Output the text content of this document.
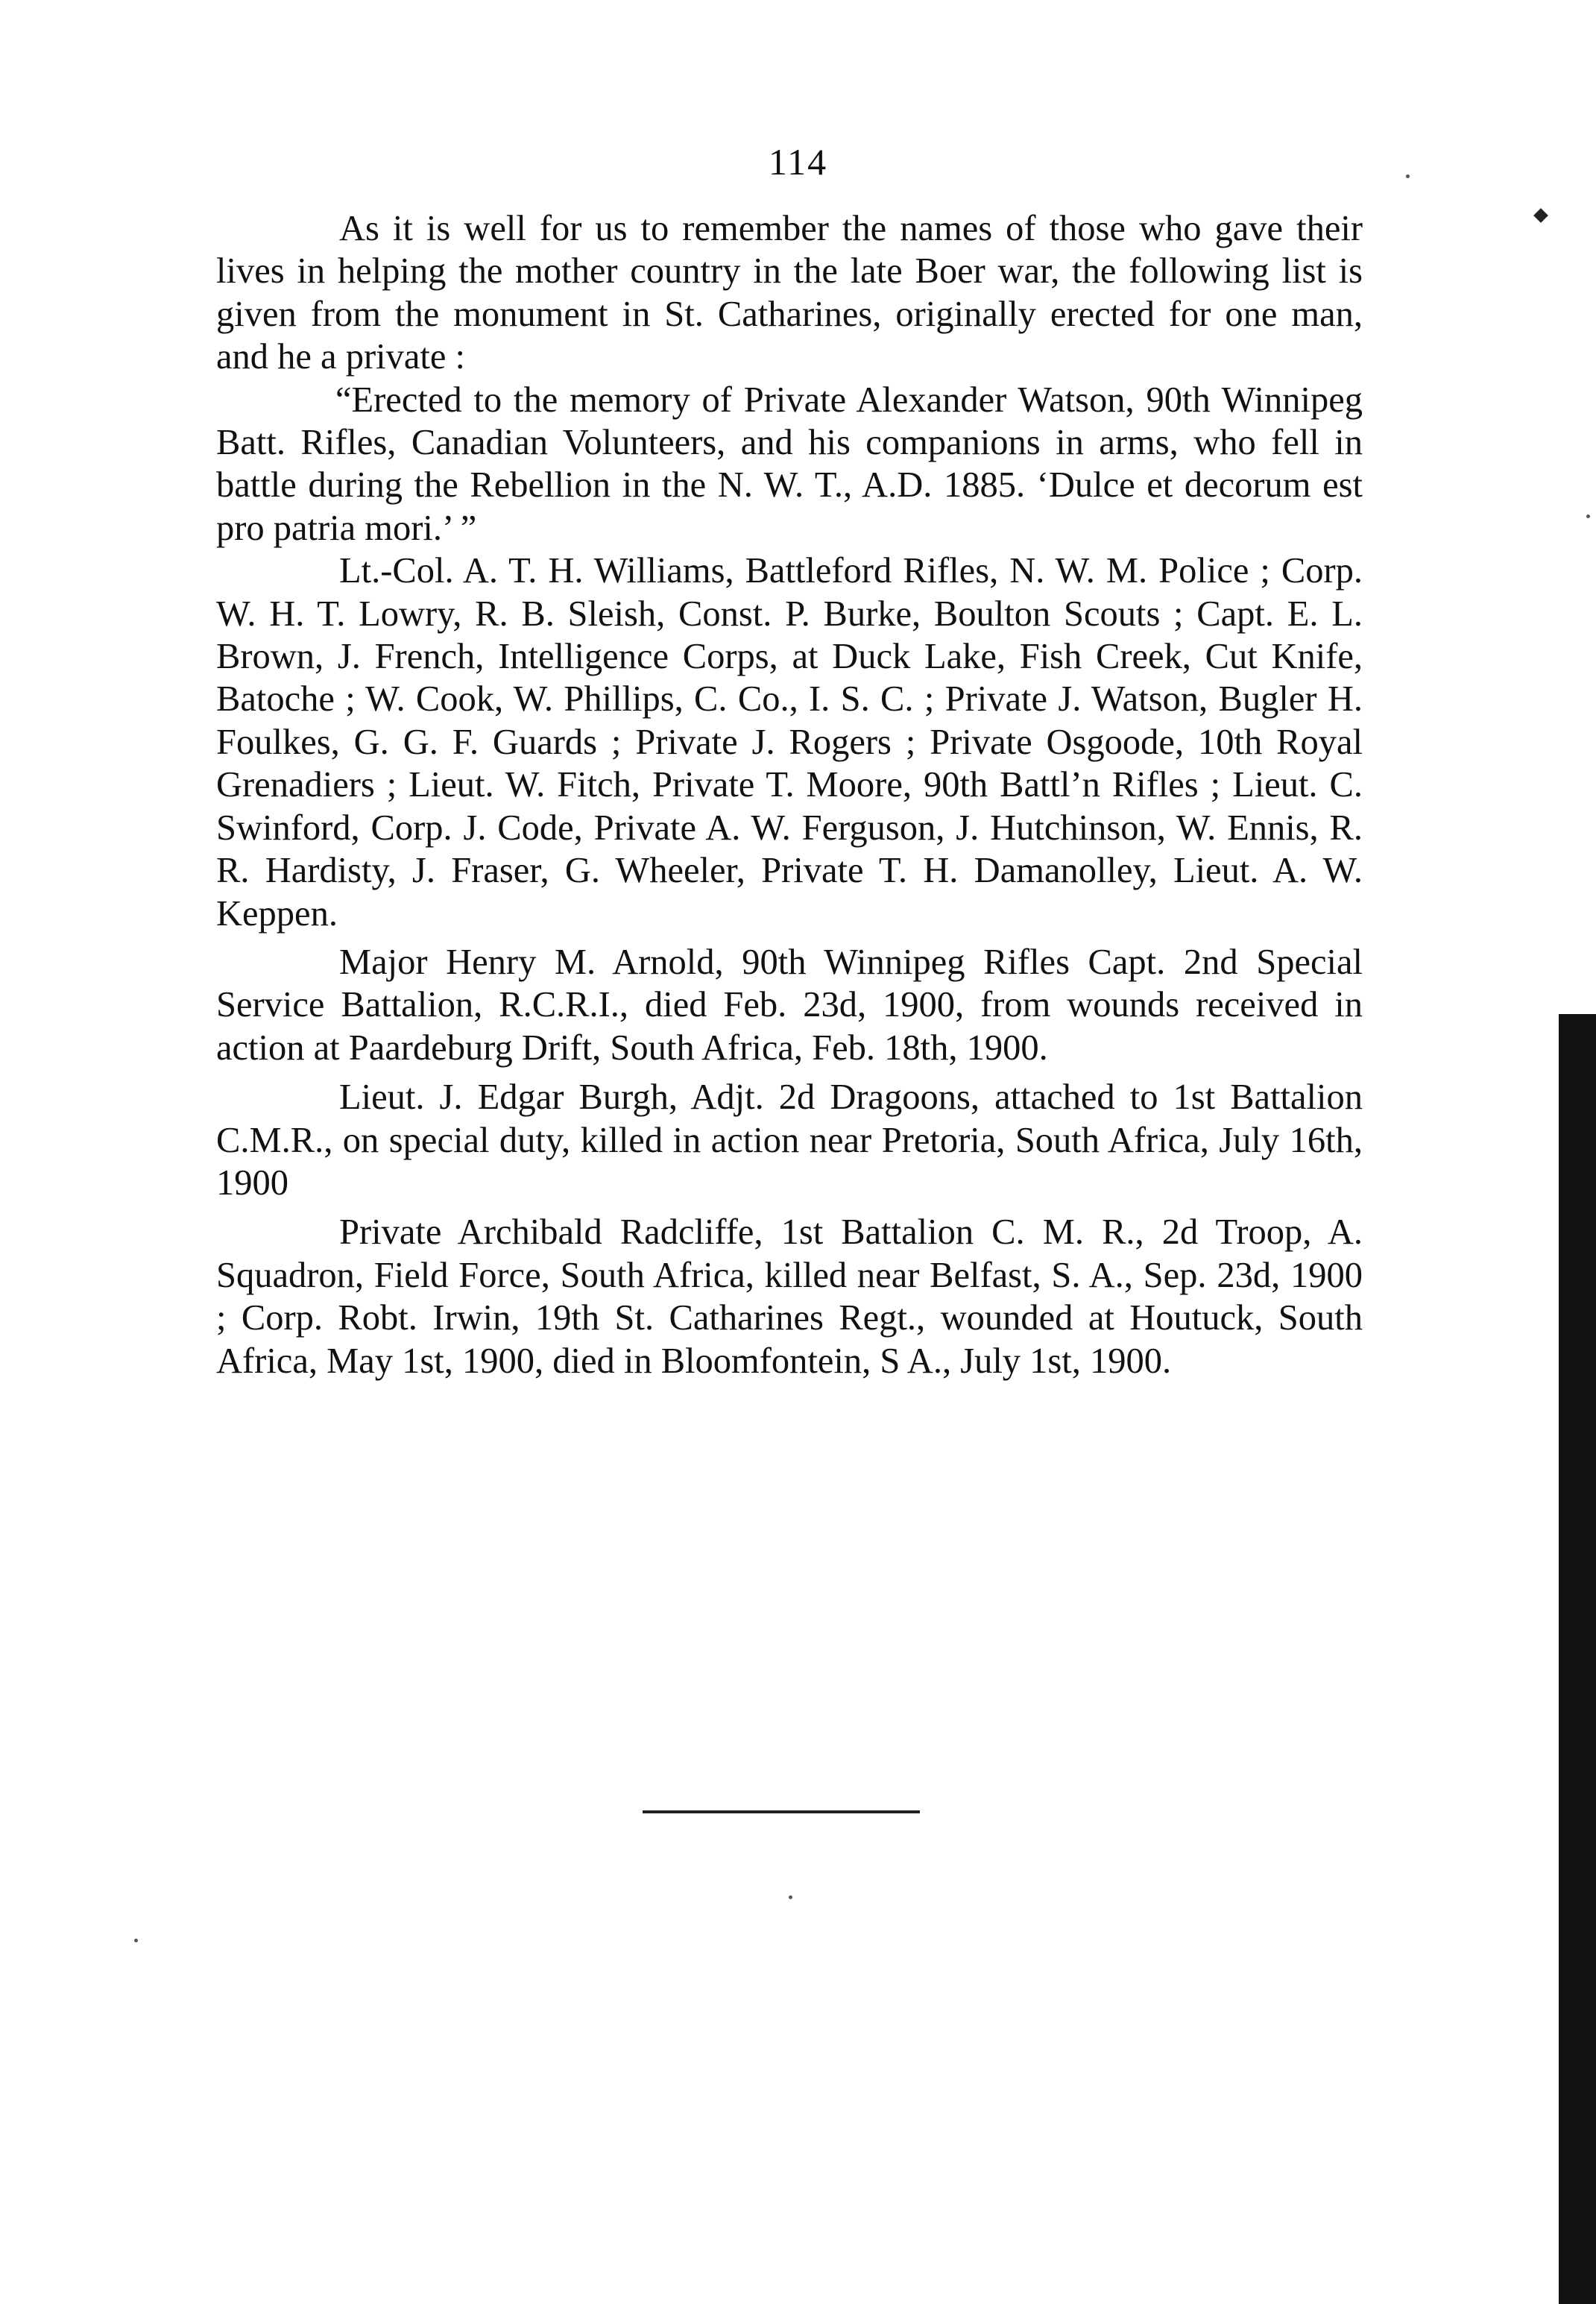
114

As it is well for us to remember the names of those who gave their lives in helping the mother country in the late Boer war, the following list is given from the monument in St. Catharines, originally erected for one man, and he a private :

“Erected to the memory of Private Alexander Watson, 90th Winnipeg Batt. Rifles, Canadian Volunteers, and his companions in arms, who fell in battle during the Rebellion in the N. W. T., A.D. 1885. ‘Dulce et decorum est pro patria mori.’ ”

Lt.-Col. A. T. H. Williams, Battleford Rifles, N. W. M. Police ; Corp. W. H. T. Lowry, R. B. Sleish, Const. P. Burke, Boulton Scouts ; Capt. E. L. Brown, J. French, Intelligence Corps, at Duck Lake, Fish Creek, Cut Knife, Batoche ; W. Cook, W. Phillips, C. Co., I. S. C. ; Private J. Watson, Bugler H. Foulkes, G. G. F. Guards ; Private J. Rogers ; Private Osgoode, 10th Royal Grenadiers ; Lieut. W. Fitch, Private T. Moore, 90th Battl’n Rifles ; Lieut. C. Swinford, Corp. J. Code, Private A. W. Ferguson, J. Hutchinson, W. Ennis, R. R. Hardisty, J. Fraser, G. Wheeler, Private T. H. Damanolley, Lieut. A. W. Keppen.

Major Henry M. Arnold, 90th Winnipeg Rifles Capt. 2nd Special Service Battalion, R.C.R.I., died Feb. 23d, 1900, from wounds received in action at Paardeburg Drift, South Africa, Feb. 18th, 1900.

Lieut. J. Edgar Burgh, Adjt. 2d Dragoons, attached to 1st Battalion C.M.R., on special duty, killed in action near Pretoria, South Africa, July 16th, 1900

Private Archibald Radcliffe, 1st Battalion C. M. R., 2d Troop, A. Squadron, Field Force, South Africa, killed near Belfast, S. A., Sep. 23d, 1900 ; Corp. Robt. Irwin, 19th St. Catharines Regt., wounded at Houtuck, South Africa, May 1st, 1900, died in Bloomfontein, S A., July 1st, 1900.
